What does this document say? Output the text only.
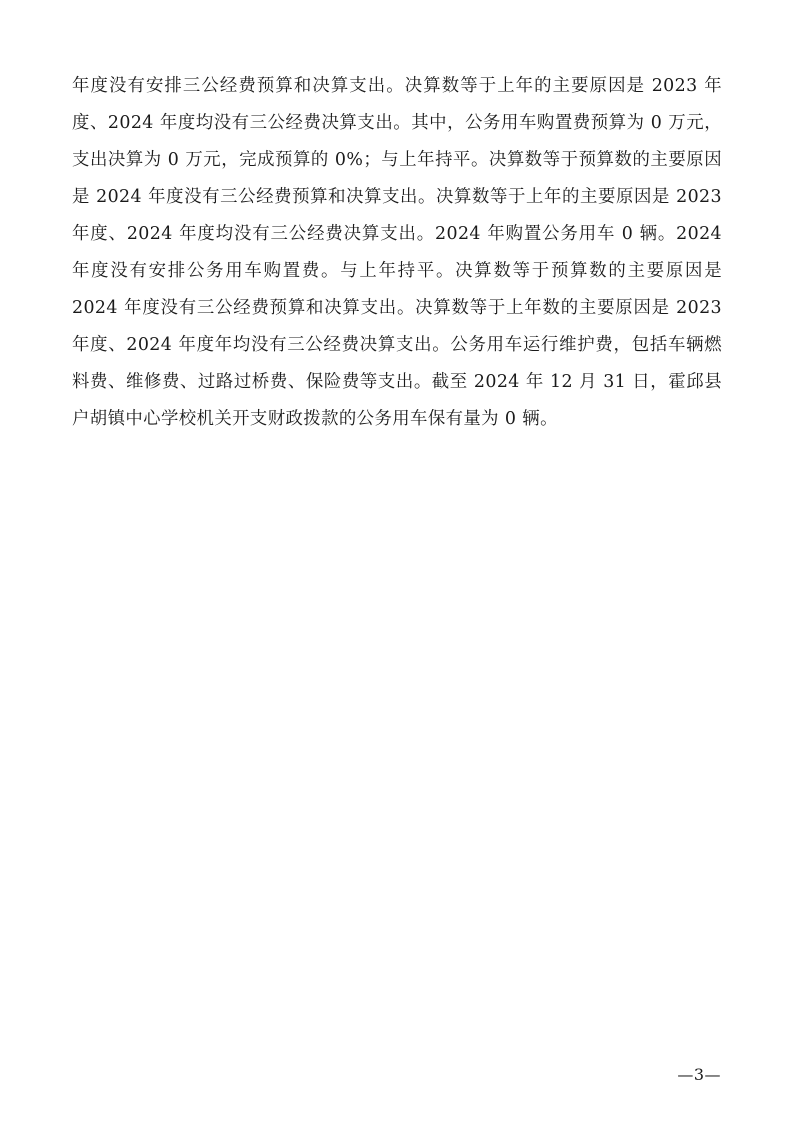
年度没有安排三公经费预算和决算支出。决算数等于上年的主要原因是 2023 年度、2024 年度均没有三公经费决算支出。其中，公务用车购置费预算为 0 万元，支出决算为 0 万元，完成预算的 0%；与上年持平。决算数等于预算数的主要原因是 2024 年度没有三公经费预算和决算支出。决算数等于上年的主要原因是 2023 年度、2024 年度均没有三公经费决算支出。2024 年购置公务用车 0 辆。2024 年度没有安排公务用车购置费。与上年持平。决算数等于预算数的主要原因是 2024 年度没有三公经费预算和决算支出。决算数等于上年数的主要原因是 2023 年度、2024 年度年均没有三公经费决算支出。公务用车运行维护费，包括车辆燃料费、维修费、过路过桥费、保险费等支出。截至 2024 年 12 月 31 日，霍邱县户胡镇中心学校机关开支财政拨款的公务用车保有量为 0 辆。

—3—
